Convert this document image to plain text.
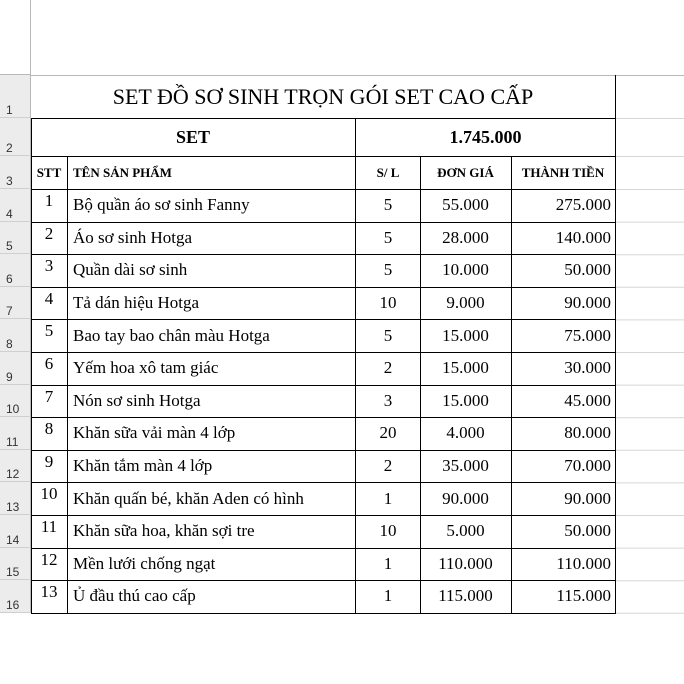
1
2
3
4
5
6
7
8
9
10
11
12
13
14
15
16
SET ĐỒ SƠ SINH TRỌN GÓI SET CAO CẤP
SET	1.745.000
STT TÊN SẢN PHẨM	S/ L	ĐƠN GIÁ	THÀNH TIỀN
1	Bộ quần áo sơ sinh Fanny	5	55.000	275.000
2	Áo sơ sinh Hotga	5	28.000	140.000
3	Quần dài sơ sinh	5	10.000	50.000
4	Tả dán hiệu Hotga	10	9.000	90.000
5	Bao tay bao chân màu Hotga	5	15.000	75.000
6	Yếm hoa xô tam giác	2	15.000	30.000
7	Nón sơ sinh Hotga	3	15.000	45.000
8	Khăn sữa vải màn 4 lớp	20	4.000	80.000
9	Khăn tắm màn 4 lớp	2	35.000	70.000
10 Khăn quấn bé, khăn Aden có hình	1	90.000	90.000
11 Khăn sữa hoa, khăn sợi tre	10	5.000	50.000
12 Mền lưới chống ngạt	1	110.000	110.000
13 Ủ đầu thú cao cấp	1	115.000	115.000
